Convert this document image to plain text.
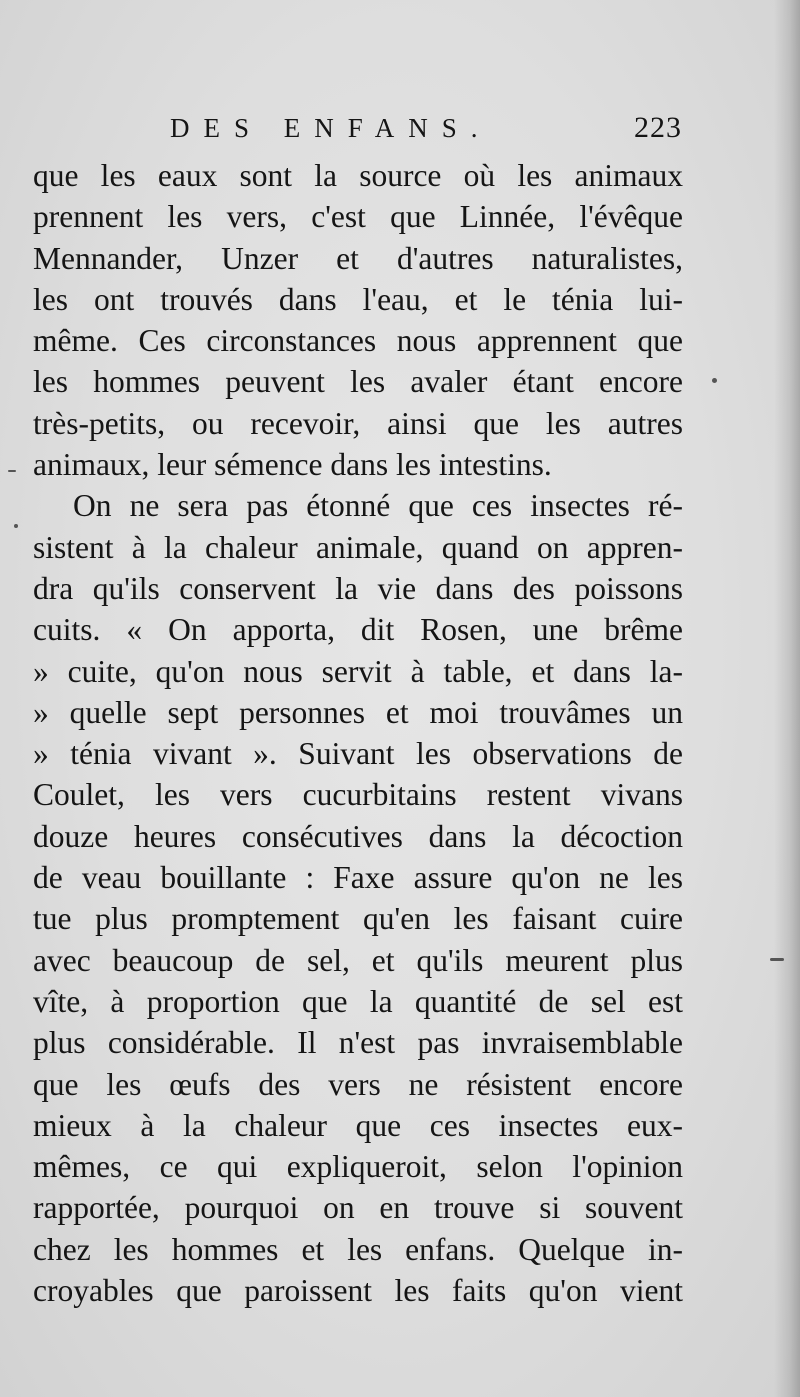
DES ENFANS.	223
que les eaux sont la source où les animaux
prennent les vers, c'est que Linnée, l'évêque
Mennander, Unzer et d'autres naturalistes,
les ont trouvés dans l'eau, et le ténia lui-
même. Ces circonstances nous apprennent que
les hommes peuvent les avaler étant encore
très-petits, ou recevoir, ainsi que les autres
animaux, leur sémence dans les intestins.
On ne sera pas étonné que ces insectes ré-
sistent à la chaleur animale, quand on appren-
dra qu'ils conservent la vie dans des poissons
cuits. « On apporta, dit Rosen, une brême
» cuite, qu'on nous servit à table, et dans la-
» quelle sept personnes et moi trouvâmes un
» ténia vivant ». Suivant les observations de
Coulet, les vers cucurbitains restent vivans
douze heures consécutives dans la décoction
de veau bouillante : Faxe assure qu'on ne les
tue plus promptement qu'en les faisant cuire
avec beaucoup de sel, et qu'ils meurent plus
vîte, à proportion que la quantité de sel est
plus considérable. Il n'est pas invraisemblable
que les œufs des vers ne résistent encore
mieux à la chaleur que ces insectes eux-
mêmes, ce qui expliqueroit, selon l'opinion
rapportée, pourquoi on en trouve si souvent
chez les hommes et les enfans. Quelque in-
croyables que paroissent les faits qu'on vient
